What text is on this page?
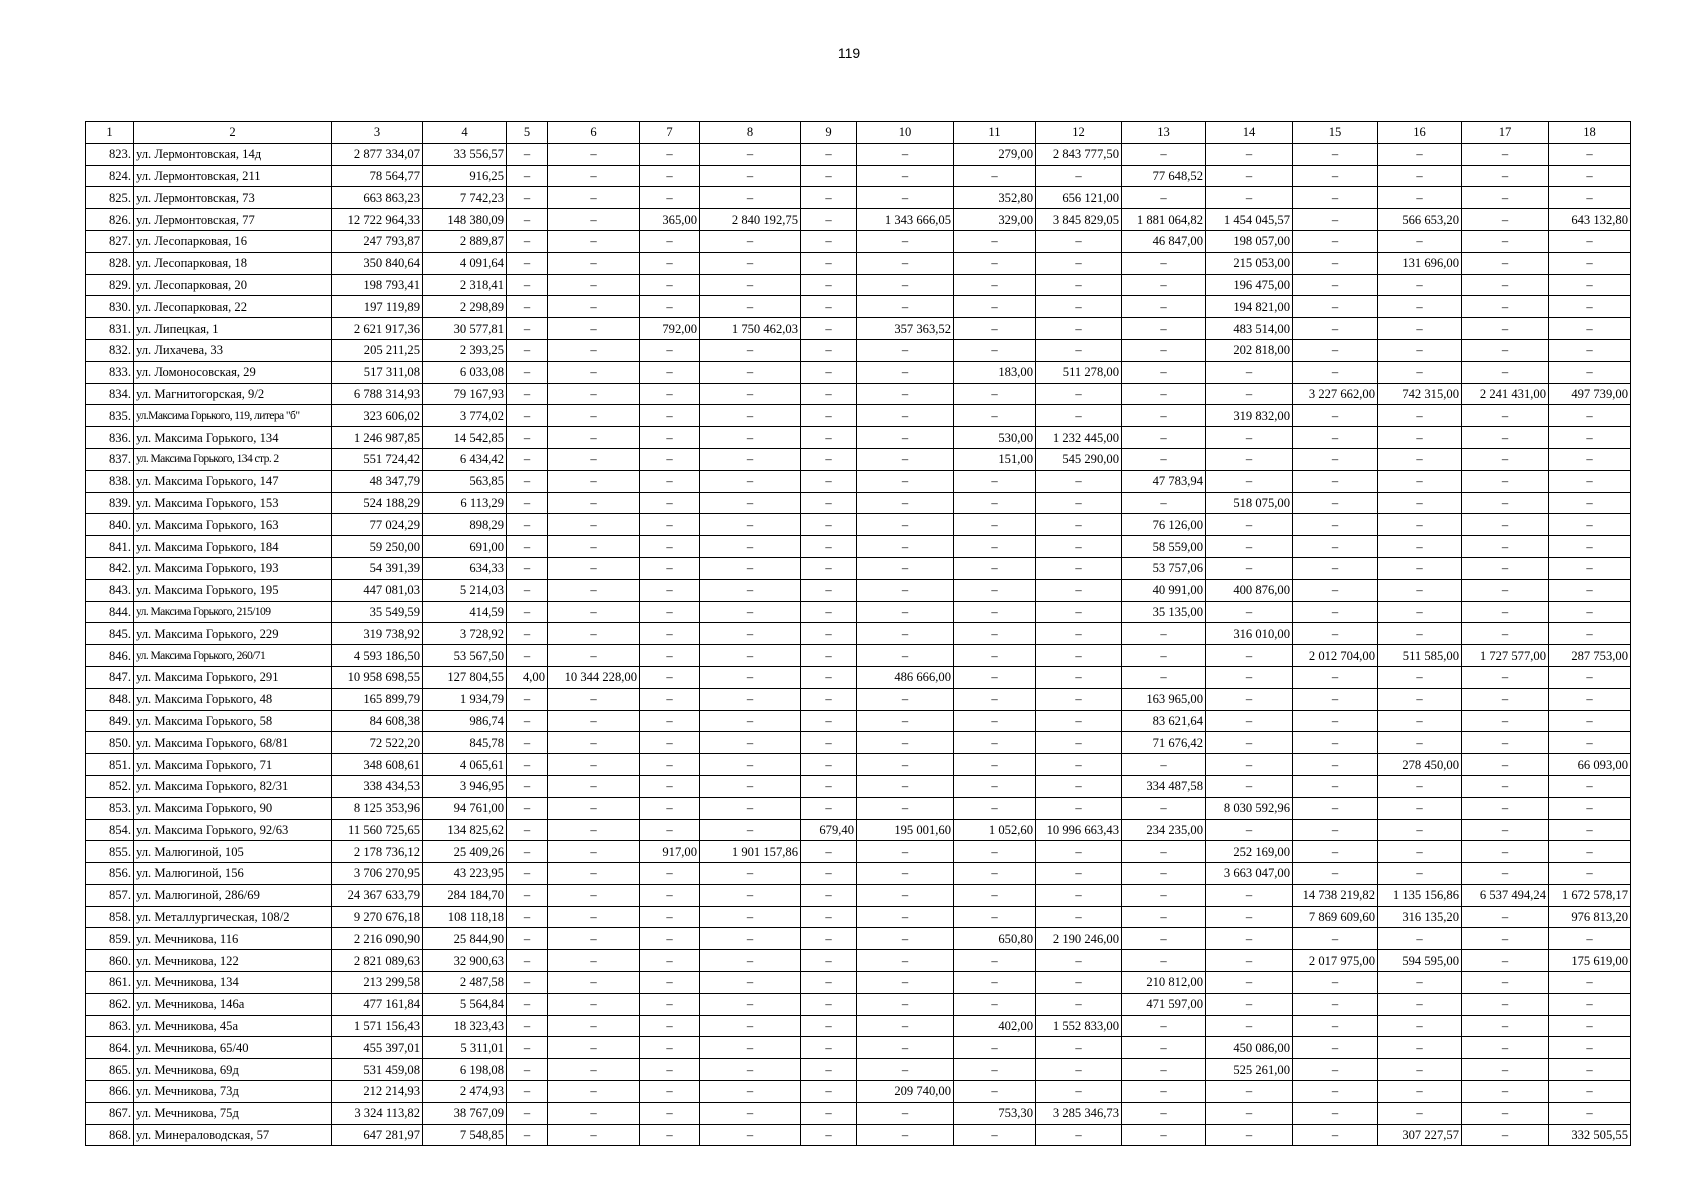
119
1	2	3	4	5	6	7	8	9	10	11	12	13	14	15	16	17	18
823.	ул. Лермонтовская, 14д	2 877 334,07	33 556,57	–	–	–	–	–	–	279,00	2 843 777,50	–	–	–	–	–	–
824.	ул. Лермонтовская, 211	78 564,77	916,25	–	–	–	–	–	–	–	–	77 648,52	–	–	–	–	–
825.	ул. Лермонтовская, 73	663 863,23	7 742,23	–	–	–	–	–	–	352,80	656 121,00	–	–	–	–	–	–
826.	ул. Лермонтовская, 77	12 722 964,33	148 380,09	–	–	365,00	2 840 192,75	–	1 343 666,05	329,00	3 845 829,05	1 881 064,82	1 454 045,57	–	566 653,20	–	643 132,80
827.	ул. Лесопарковая, 16	247 793,87	2 889,87	–	–	–	–	–	–	–	–	46 847,00	198 057,00	–	–	–	–
828.	ул. Лесопарковая, 18	350 840,64	4 091,64	–	–	–	–	–	–	–	–	–	215 053,00	–	131 696,00	–	–
829.	ул. Лесопарковая, 20	198 793,41	2 318,41	–	–	–	–	–	–	–	–	–	196 475,00	–	–	–	–
830.	ул. Лесопарковая, 22	197 119,89	2 298,89	–	–	–	–	–	–	–	–	–	194 821,00	–	–	–	–
831.	ул. Липецкая, 1	2 621 917,36	30 577,81	–	–	792,00	1 750 462,03	–	357 363,52	–	–	–	483 514,00	–	–	–	–
832.	ул. Лихачева, 33	205 211,25	2 393,25	–	–	–	–	–	–	–	–	–	202 818,00	–	–	–	–
833.	ул. Ломоносовская, 29	517 311,08	6 033,08	–	–	–	–	–	–	183,00	511 278,00	–	–	–	–	–	–
834.	ул. Магнитогорская, 9/2	6 788 314,93	79 167,93	–	–	–	–	–	–	–	–	–	–	3 227 662,00	742 315,00	2 241 431,00	497 739,00
835.	ул.Максима Горького, 119, литера "б"	323 606,02	3 774,02	–	–	–	–	–	–	–	–	–	319 832,00	–	–	–	–
836.	ул. Максима Горького, 134	1 246 987,85	14 542,85	–	–	–	–	–	–	530,00	1 232 445,00	–	–	–	–	–	–
837.	ул. Максима Горького, 134 стр. 2	551 724,42	6 434,42	–	–	–	–	–	–	151,00	545 290,00	–	–	–	–	–	–
838.	ул. Максима Горького, 147	48 347,79	563,85	–	–	–	–	–	–	–	–	47 783,94	–	–	–	–	–
839.	ул. Максима Горького, 153	524 188,29	6 113,29	–	–	–	–	–	–	–	–	–	518 075,00	–	–	–	–
840.	ул. Максима Горького, 163	77 024,29	898,29	–	–	–	–	–	–	–	–	76 126,00	–	–	–	–	–
841.	ул. Максима Горького, 184	59 250,00	691,00	–	–	–	–	–	–	–	–	58 559,00	–	–	–	–	–
842.	ул. Максима Горького, 193	54 391,39	634,33	–	–	–	–	–	–	–	–	53 757,06	–	–	–	–	–
843.	ул. Максима Горького, 195	447 081,03	5 214,03	–	–	–	–	–	–	–	–	40 991,00	400 876,00	–	–	–	–
844.	ул. Максима Горького, 215/109	35 549,59	414,59	–	–	–	–	–	–	–	–	35 135,00	–	–	–	–	–
845.	ул. Максима Горького, 229	319 738,92	3 728,92	–	–	–	–	–	–	–	–	–	316 010,00	–	–	–	–
846.	ул. Максима Горького, 260/71	4 593 186,50	53 567,50	–	–	–	–	–	–	–	–	–	–	2 012 704,00	511 585,00	1 727 577,00	287 753,00
847.	ул. Максима Горького, 291	10 958 698,55	127 804,55	4,00	10 344 228,00	–	–	–	486 666,00	–	–	–	–	–	–	–	–
848.	ул. Максима Горького, 48	165 899,79	1 934,79	–	–	–	–	–	–	–	–	163 965,00	–	–	–	–	–
849.	ул. Максима Горького, 58	84 608,38	986,74	–	–	–	–	–	–	–	–	83 621,64	–	–	–	–	–
850.	ул. Максима Горького, 68/81	72 522,20	845,78	–	–	–	–	–	–	–	–	71 676,42	–	–	–	–	–
851.	ул. Максима Горького, 71	348 608,61	4 065,61	–	–	–	–	–	–	–	–	–	–	–	278 450,00	–	66 093,00
852.	ул. Максима Горького, 82/31	338 434,53	3 946,95	–	–	–	–	–	–	–	–	334 487,58	–	–	–	–	–
853.	ул. Максима Горького, 90	8 125 353,96	94 761,00	–	–	–	–	–	–	–	–	–	8 030 592,96	–	–	–	–
854.	ул. Максима Горького, 92/63	11 560 725,65	134 825,62	–	–	–	–	679,40	195 001,60	1 052,60	10 996 663,43	234 235,00	–	–	–	–	–
855.	ул. Малюгиной, 105	2 178 736,12	25 409,26	–	–	917,00	1 901 157,86	–	–	–	–	–	252 169,00	–	–	–	–
856.	ул. Малюгиной, 156	3 706 270,95	43 223,95	–	–	–	–	–	–	–	–	–	3 663 047,00	–	–	–	–
857.	ул. Малюгиной, 286/69	24 367 633,79	284 184,70	–	–	–	–	–	–	–	–	–	–	14 738 219,82	1 135 156,86	6 537 494,24	1 672 578,17
858.	ул. Металлургическая, 108/2	9 270 676,18	108 118,18	–	–	–	–	–	–	–	–	–	–	7 869 609,60	316 135,20	–	976 813,20
859.	ул. Мечникова, 116	2 216 090,90	25 844,90	–	–	–	–	–	–	650,80	2 190 246,00	–	–	–	–	–	–
860.	ул. Мечникова, 122	2 821 089,63	32 900,63	–	–	–	–	–	–	–	–	–	–	2 017 975,00	594 595,00	–	175 619,00
861.	ул. Мечникова, 134	213 299,58	2 487,58	–	–	–	–	–	–	–	–	210 812,00	–	–	–	–	–
862.	ул. Мечникова, 146а	477 161,84	5 564,84	–	–	–	–	–	–	–	–	471 597,00	–	–	–	–	–
863.	ул. Мечникова, 45а	1 571 156,43	18 323,43	–	–	–	–	–	–	402,00	1 552 833,00	–	–	–	–	–	–
864.	ул. Мечникова, 65/40	455 397,01	5 311,01	–	–	–	–	–	–	–	–	–	450 086,00	–	–	–	–
865.	ул. Мечникова, 69д	531 459,08	6 198,08	–	–	–	–	–	–	–	–	–	525 261,00	–	–	–	–
866.	ул. Мечникова, 73д	212 214,93	2 474,93	–	–	–	–	–	209 740,00	–	–	–	–	–	–	–	–
867.	ул. Мечникова, 75д	3 324 113,82	38 767,09	–	–	–	–	–	–	753,30	3 285 346,73	–	–	–	–	–	–
868.	ул. Минераловодская, 57	647 281,97	7 548,85	–	–	–	–	–	–	–	–	–	–	–	307 227,57	–	332 505,55
